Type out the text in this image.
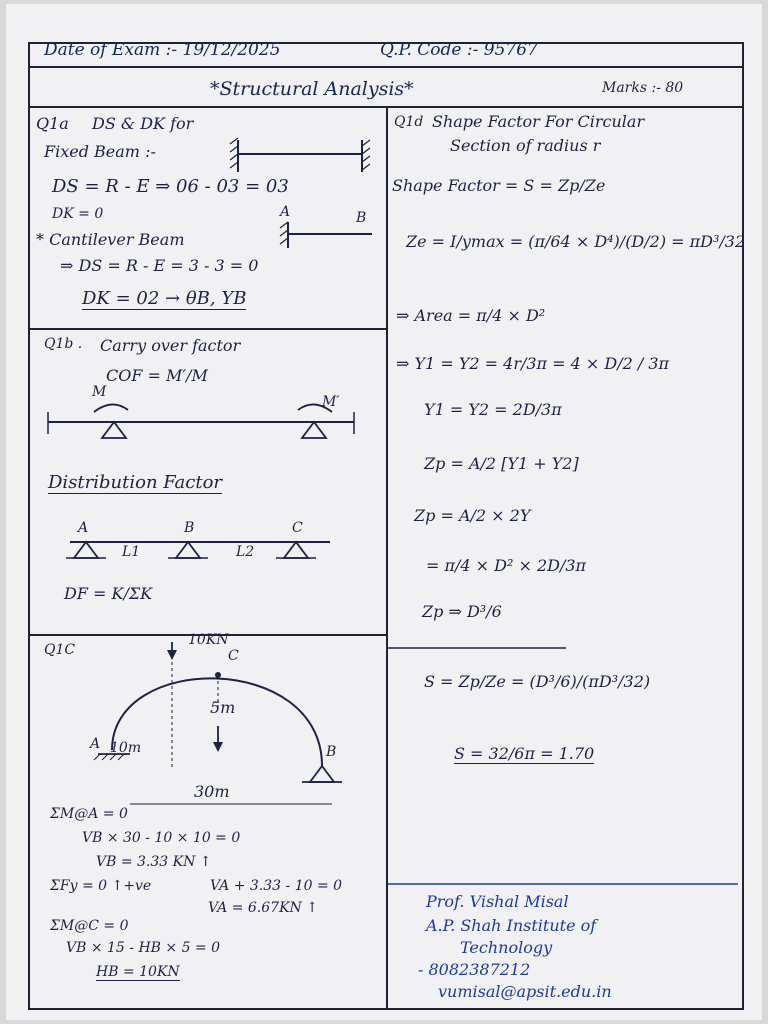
Date of Exam :- 19/12/2025	Q.P. Code :- 95767
*Structural Analysis*	Marks :- 80
Q1a DS & DK for
Fixed Beam :-
DS = R - E ⇒ 06 - 03 = 03
DK = 0	A	B
* Cantilever Beam
⇒ DS = R - E = 3 - 3 = 0
DK = 02 → θB, YB
Q1b . Carry over factor
COF = M′/M
M
M′
Distribution Factor
A	B	C
L1	L2
DF = K/ΣK
Q1C
10KN
C
5m
A 10m	B
30m
ΣM@A = 0
VB × 30 - 10 × 10 = 0
VB = 3.33 KN ↑
ΣFy = 0 ↑+ve	VA + 3.33 - 10 = 0
VA = 6.67KN ↑
ΣM@C = 0
VB × 15 - HB × 5 = 0
HB = 10KN
Q1d Shape Factor For Circular
Section of radius r
Shape Factor = S = Zp/Ze
Ze = I/ymax = (π/64 × D⁴)/(D/2) = πD³/32
⇒ Area = π/4 × D²
⇒ Y1 = Y2 = 4r/3π = 4 × D/2 / 3π
Y1 = Y2 = 2D/3π
Zp = A/2 [Y1 + Y2]
Zp = A/2 × 2Y
= π/4 × D² × 2D/3π
Zp ⇒ D³/6
S = Zp/Ze = (D³/6)/(πD³/32)
S = 32/6π = 1.70
Prof. Vishal Misal
A.P. Shah Institute of
Technology
- 8082387212
vumisal@apsit.edu.in
